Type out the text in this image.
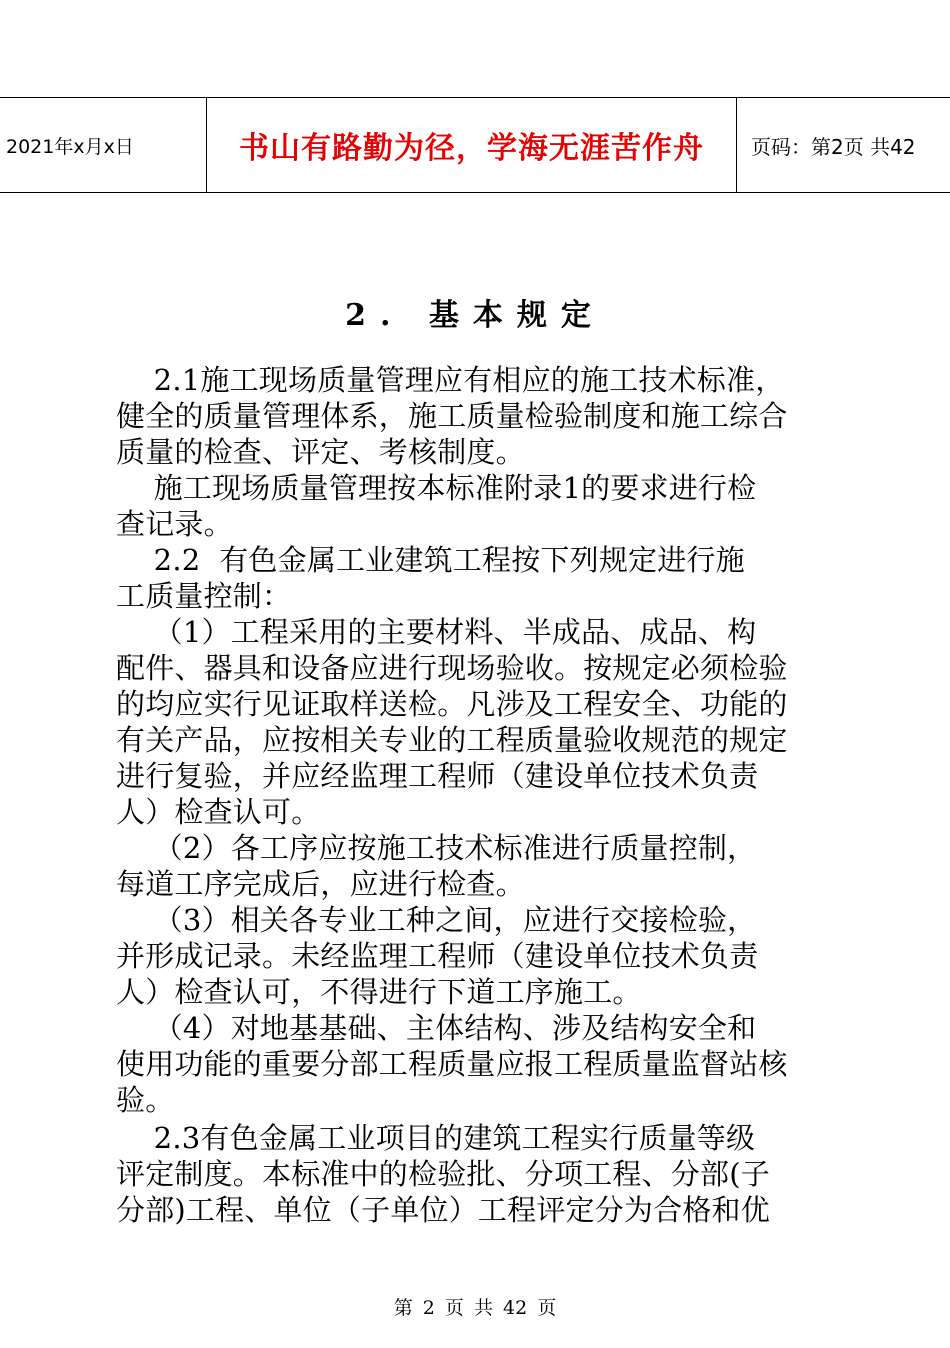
2021年x月x日	书山有路勤为径，学海无涯苦作舟	页码：第2页 共42
2. 基本规定
2.1施工现场质量管理应有相应的施工技术标准，
健全的质量管理体系，施工质量检验制度和施工综合
质量的检查、评定、考核制度。
施工现场质量管理按本标准附录1的要求进行检
查记录。
2.2  有色金属工业建筑工程按下列规定进行施
工质量控制：
（1）工程采用的主要材料、半成品、成品、构
配件、器具和设备应进行现场验收。按规定必须检验
的均应实行见证取样送检。凡涉及工程安全、功能的
有关产品，应按相关专业的工程质量验收规范的规定
进行复验，并应经监理工程师（建设单位技术负责
人）检查认可。
（2）各工序应按施工技术标准进行质量控制，
每道工序完成后，应进行检查。
（3）相关各专业工种之间，应进行交接检验，
并形成记录。未经监理工程师（建设单位技术负责
人）检查认可，不得进行下道工序施工。
（4）对地基基础、主体结构、涉及结构安全和
使用功能的重要分部工程质量应报工程质量监督站核
验。
2.3有色金属工业项目的建筑工程实行质量等级
评定制度。本标准中的检验批、分项工程、分部(子
分部)工程、单位（子单位）工程评定分为合格和优
第 2 页 共 42 页
